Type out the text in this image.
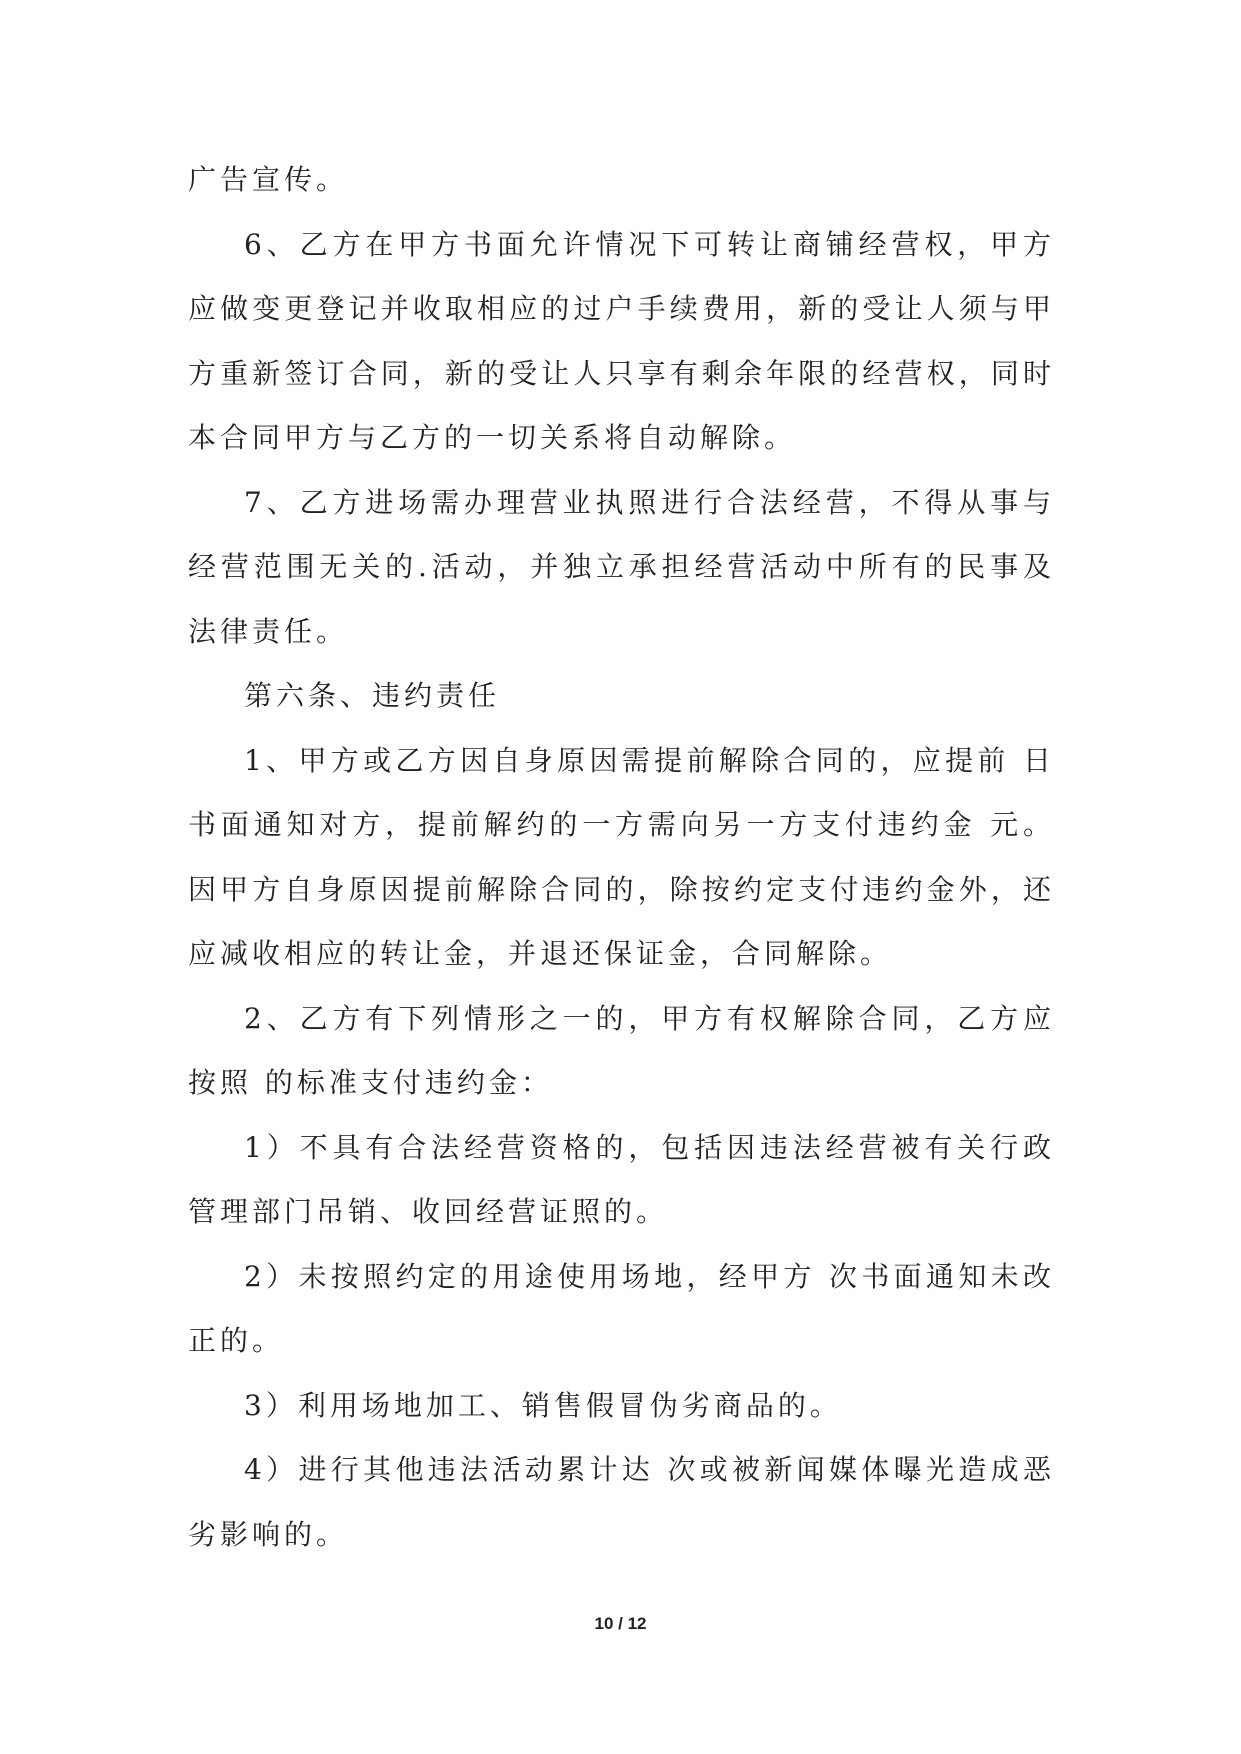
广告宣传。

6、乙方在甲方书面允许情况下可转让商铺经营权，甲方应做变更登记并收取相应的过户手续费用，新的受让人须与甲方重新签订合同，新的受让人只享有剩余年限的经营权，同时本合同甲方与乙方的一切关系将自动解除。

7、乙方进场需办理营业执照进行合法经营，不得从事与经营范围无关的.活动，并独立承担经营活动中所有的民事及法律责任。

第六条、违约责任

1、甲方或乙方因自身原因需提前解除合同的，应提前 日书面通知对方，提前解约的一方需向另一方支付违约金 元。因甲方自身原因提前解除合同的，除按约定支付违约金外，还应减收相应的转让金，并退还保证金，合同解除。

2、乙方有下列情形之一的，甲方有权解除合同，乙方应按照 的标准支付违约金：

1）不具有合法经营资格的，包括因违法经营被有关行政管理部门吊销、收回经营证照的。

2）未按照约定的用途使用场地，经甲方 次书面通知未改正的。

3）利用场地加工、销售假冒伪劣商品的。

4）进行其他违法活动累计达 次或被新闻媒体曝光造成恶劣影响的。

10 / 12
